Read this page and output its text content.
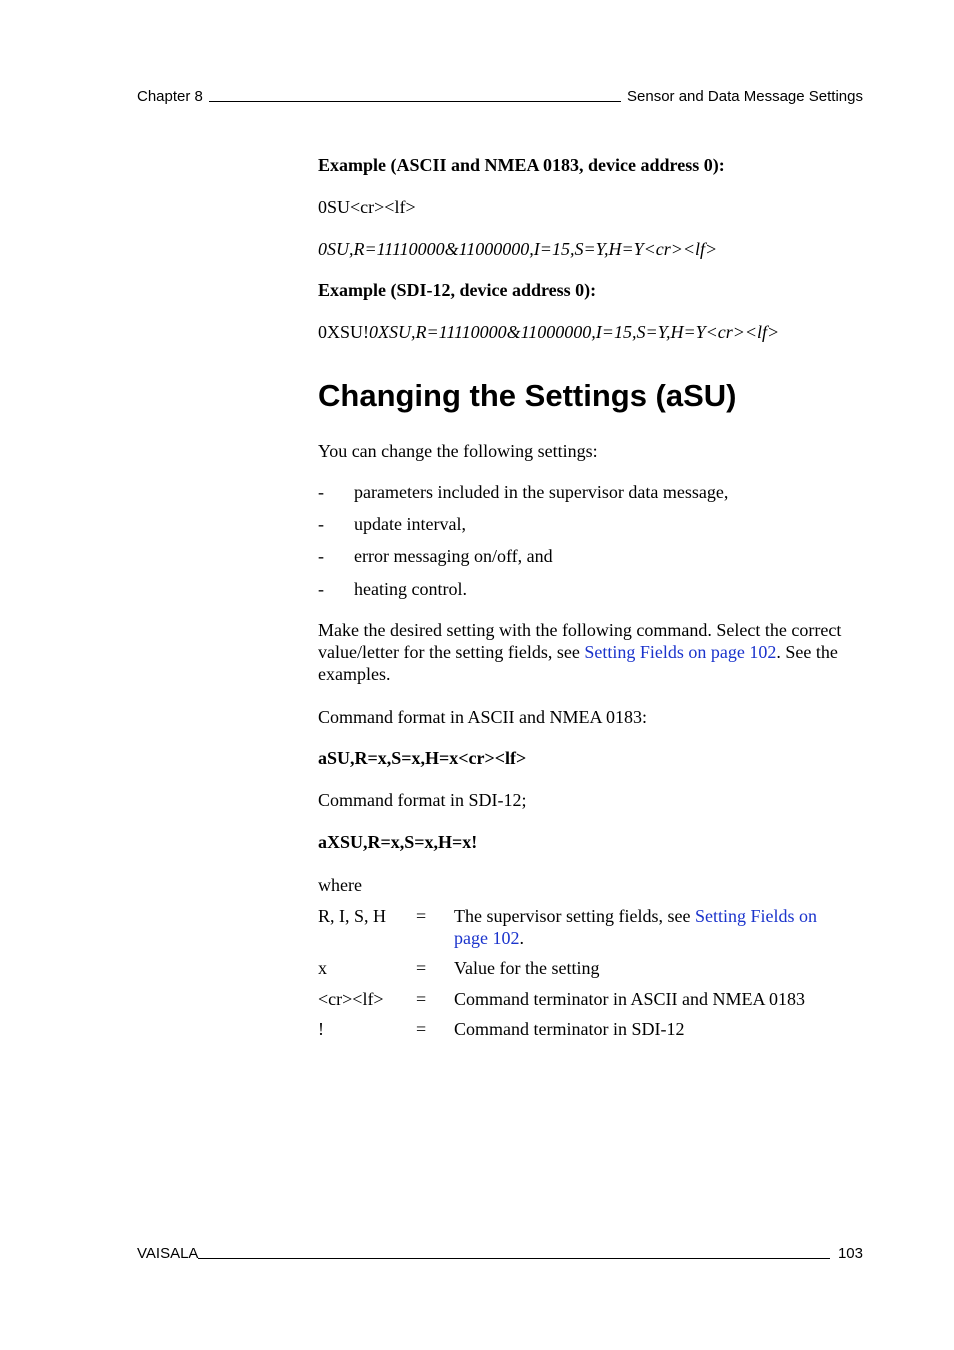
Chapter 8	Sensor and Data Message Settings
Example (ASCII and NMEA 0183, device address 0):
0SU<cr><lf>
0SU,R=11110000&11000000,I=15,S=Y,H=Y<cr><lf>
Example (SDI-12, device address 0):
0XSU!0XSU,R=11110000&11000000,I=15,S=Y,H=Y<cr><lf>
Changing the Settings (aSU)
You can change the following settings:
- parameters included in the supervisor data message,
- update interval,
- error messaging on/off, and
- heating control.
Make the desired setting with the following command. Select the correct value/letter for the setting fields, see Setting Fields on page 102. See the examples.
Command format in ASCII and NMEA 0183:
aSU,R=x,S=x,H=x<cr><lf>
Command format in SDI-12;
aXSU,R=x,S=x,H=x!
where
R, I, S, H = The supervisor setting fields, see Setting Fields on page 102.
x	= Value for the setting
<cr><lf> = Command terminator in ASCII and NMEA 0183
!	= Command terminator in SDI-12
VAISALA	103
